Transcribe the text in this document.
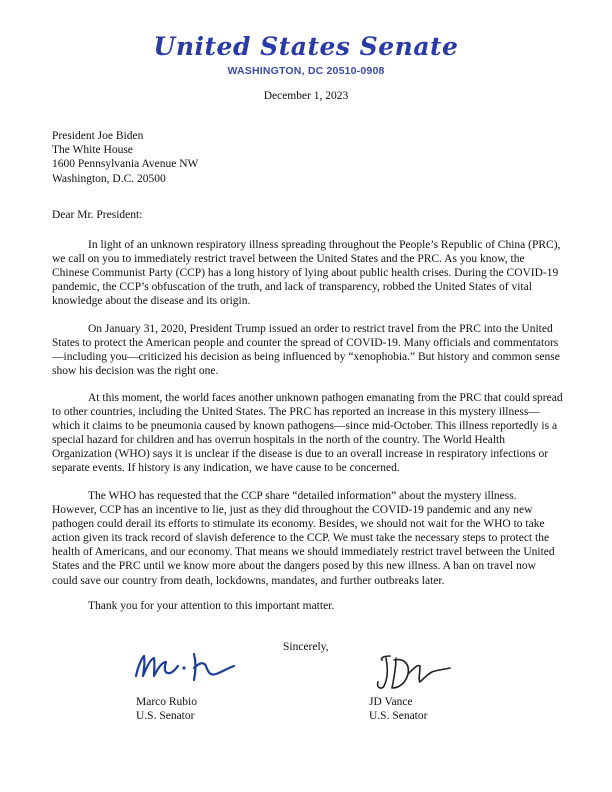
United States Senate
WASHINGTON, DC 20510-0908
December 1, 2023
President Joe Biden
The White House
1600 Pennsylvania Avenue NW
Washington, D.C. 20500
Dear Mr. President:
In light of an unknown respiratory illness spreading throughout the People’s Republic of China (PRC), we call on you to immediately restrict travel between the United States and the PRC. As you know, the Chinese Communist Party (CCP) has a long history of lying about public health crises. During the COVID-19 pandemic, the CCP’s obfuscation of the truth, and lack of transparency, robbed the United States of vital knowledge about the disease and its origin.
On January 31, 2020, President Trump issued an order to restrict travel from the PRC into the United States to protect the American people and counter the spread of COVID-19. Many officials and commentators—including you—criticized his decision as being influenced by “xenophobia.” But history and common sense show his decision was the right one.
At this moment, the world faces another unknown pathogen emanating from the PRC that could spread to other countries, including the United States. The PRC has reported an increase in this mystery illness—which it claims to be pneumonia caused by known pathogens—since mid-October. This illness reportedly is a special hazard for children and has overrun hospitals in the north of the country. The World Health Organization (WHO) says it is unclear if the disease is due to an overall increase in respiratory infections or separate events. If history is any indication, we have cause to be concerned.
The WHO has requested that the CCP share “detailed information” about the mystery illness. However, CCP has an incentive to lie, just as they did throughout the COVID-19 pandemic and any new pathogen could derail its efforts to stimulate its economy. Besides, we should not wait for the WHO to take action given its track record of slavish deference to the CCP. We must take the necessary steps to protect the health of Americans, and our economy. That means we should immediately restrict travel between the United States and the PRC until we know more about the dangers posed by this new illness. A ban on travel now could save our country from death, lockdowns, mandates, and further outbreaks later.
Thank you for your attention to this important matter.
Sincerely,
Marco Rubio
U.S. Senator
JD Vance
U.S. Senator
